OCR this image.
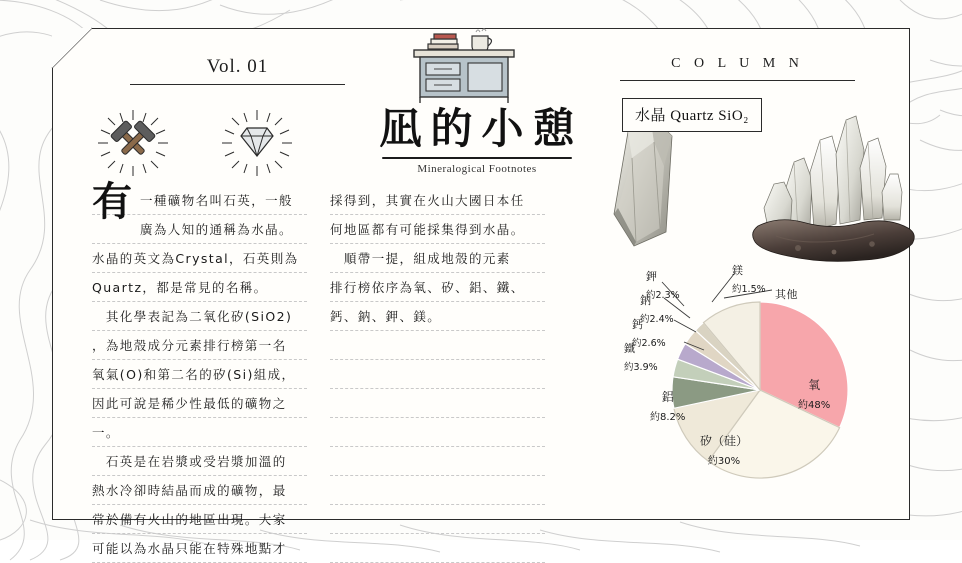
Vol. 01	C O L U M N
凪的小憩
Mineralogical Footnotes
有 一種礦物名叫石英，一般
廣為人知的通稱為水晶。
水晶的英文為Crystal，石英則為
Quartz，都是常見的名稱。
　其化學表記為二氧化矽(SiO2)
，為地殼成分元素排行榜第一名
氧氣(O)和第二名的矽(Si)組成，
因此可說是稀少性最低的礦物之
一。
　石英是在岩漿或受岩漿加溫的
熱水冷卻時結晶而成的礦物，最
常於備有火山的地區出現。大家
可能以為水晶只能在特殊地點才
採得到，其實在火山大國日本任
何地區都有可能採集得到水晶。
　順帶一提，組成地殼的元素
排行榜依序為氧、矽、鋁、鐵、
鈣、鈉、鉀、鎂。
水晶 Quartz SiO₂
鉀
約2.3%
鈉
約2.4%
鈣
約2.6%
鐵
約3.9%
鎂
約1.5% 其他
氧
約48%
矽（硅）
約30%
鋁
約8.2%
